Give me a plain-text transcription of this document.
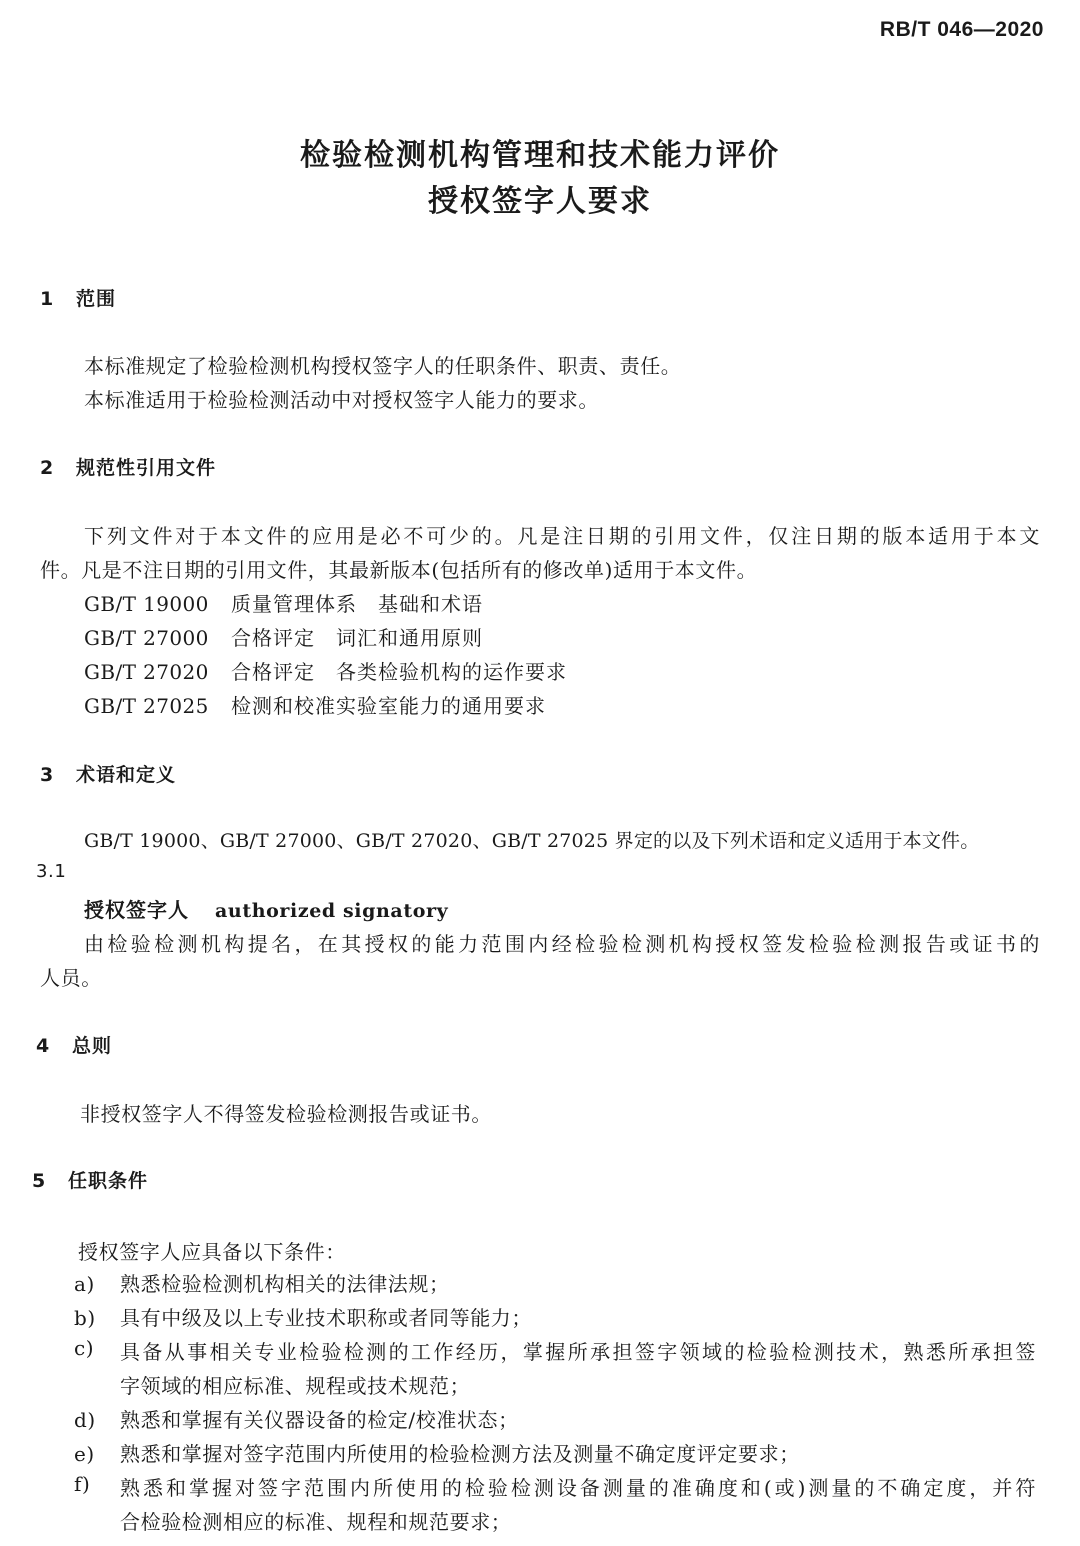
RB/T 046—2020
检验检测机构管理和技术能力评价
授权签字人要求
1 范围
本标准规定了检验检测机构授权签字人的任职条件、职责、责任。
本标准适用于检验检测活动中对授权签字人能力的要求。
2 规范性引用文件
下列文件对于本文件的应用是必不可少的。凡是注日期的引用文件，仅注日期的版本适用于本文
件。凡是不注日期的引用文件，其最新版本(包括所有的修改单)适用于本文件。
GB/T 19000 质量管理体系　基础和术语
GB/T 27000 合格评定　词汇和通用原则
GB/T 27020 合格评定　各类检验机构的运作要求
GB/T 27025 检测和校准实验室能力的通用要求
3 术语和定义
GB/T 19000、GB/T 27000、GB/T 27020、GB/T 27025 界定的以及下列术语和定义适用于本文件。
3.1
授权签字人 authorized signatory
由检验检测机构提名，在其授权的能力范围内经检验检测机构授权签发检验检测报告或证书的
人员。
4 总则
非授权签字人不得签发检验检测报告或证书。
5 任职条件
授权签字人应具备以下条件：
a) 熟悉检验检测机构相关的法律法规；
b) 具有中级及以上专业技术职称或者同等能力；
c)	具备从事相关专业检验检测的工作经历，掌握所承担签字领域的检验检测技术，熟悉所承担签
字领域的相应标准、规程或技术规范；
d) 熟悉和掌握有关仪器设备的检定/校准状态；
e) 熟悉和掌握对签字范围内所使用的检验检测方法及测量不确定度评定要求；
f)	熟悉和掌握对签字范围内所使用的检验检测设备测量的准确度和(或)测量的不确定度，并符
合检验检测相应的标准、规程和规范要求；
